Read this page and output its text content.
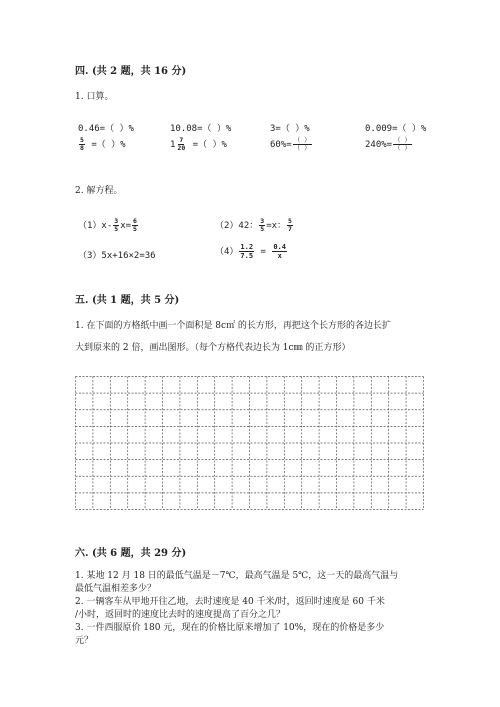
四. (共 2 题，共 16 分)
1. 口算。
0.46=（ ）%	10.08=（ ）%	3=（ ）%	0.009=（ ）%
$\frac{5}{8}$ =（ ）%	$1 \frac{7}{20}$ =（ ）%	$60\%= \frac{( )}{( )}$	$240\%= \frac{( )}{( )}$
2. 解方程。
$(1)x- \frac{3}{5} x= \frac{6}{5}$	（2）42： $\frac{3}{5} =x$： $\frac{5}{7}$
（3）5x+16×2=36	$(4) \frac{1.2}{7.5} = \frac{0.4}{x}$
五. (共 1 题，共 5 分)
1. 在下面的方格纸中画一个面积是 8c㎡ 的长方形，再把这个长方形的各边长扩
大到原来的 2 倍，画出图形。（每个方格代表边长为 1c㎜ 的正方形）
六. (共 6 题，共 29 分)
1. 某地 12 月 18 日的最低气温是－7℃，最高气温是 5℃，这一天的最高气温与
最低气温相差多少？
2. 一辆客车从甲地开往乙地，去时速度是 40 千米/时，返回时速度是 60 千米
/小时，返回时的速度比去时的速度提高了百分之几？
3. 一件西服原价 180 元，现在的价格比原来增加了 10%，现在的价格是多少
元？
